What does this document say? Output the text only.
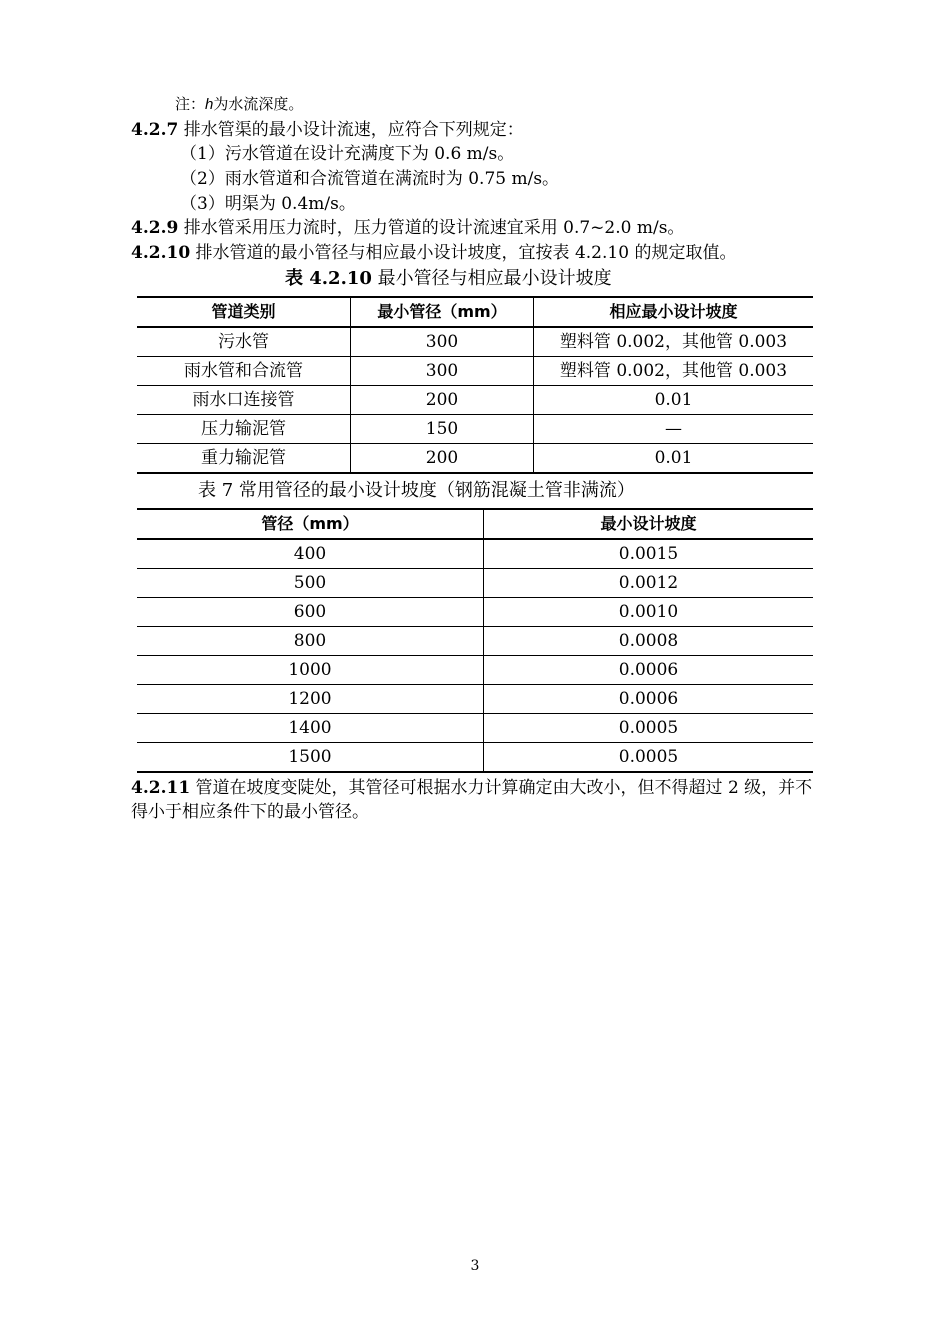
注：h为水流深度。
4.2.7 排水管渠的最小设计流速，应符合下列规定：
（1）污水管道在设计充满度下为 0.6 m/s。
（2）雨水管道和合流管道在满流时为 0.75 m/s。
（3）明渠为 0.4m/s。
4.2.9 排水管采用压力流时，压力管道的设计流速宜采用 0.7~2.0 m/s。
4.2.10 排水管道的最小管径与相应最小设计坡度，宜按表 4.2.10 的规定取值。
表 4.2.10 最小管径与相应最小设计坡度
管道类别	最小管径（mm）	相应最小设计坡度
污水管	300	塑料管 0.002，其他管 0.003
雨水管和合流管	300	塑料管 0.002，其他管 0.003
雨水口连接管	200	0.01
压力输泥管	150	—
重力输泥管	200	0.01
表 7 常用管径的最小设计坡度（钢筋混凝土管非满流）
管径（mm）	最小设计坡度
400	0.0015
500	0.0012
600	0.0010
800	0.0008
1000	0.0006
1200	0.0006
1400	0.0005
1500	0.0005
4.2.11 管道在坡度变陡处，其管径可根据水力计算确定由大改小，但不得超过 2 级，并不得小于相应条件下的最小管径。
3
